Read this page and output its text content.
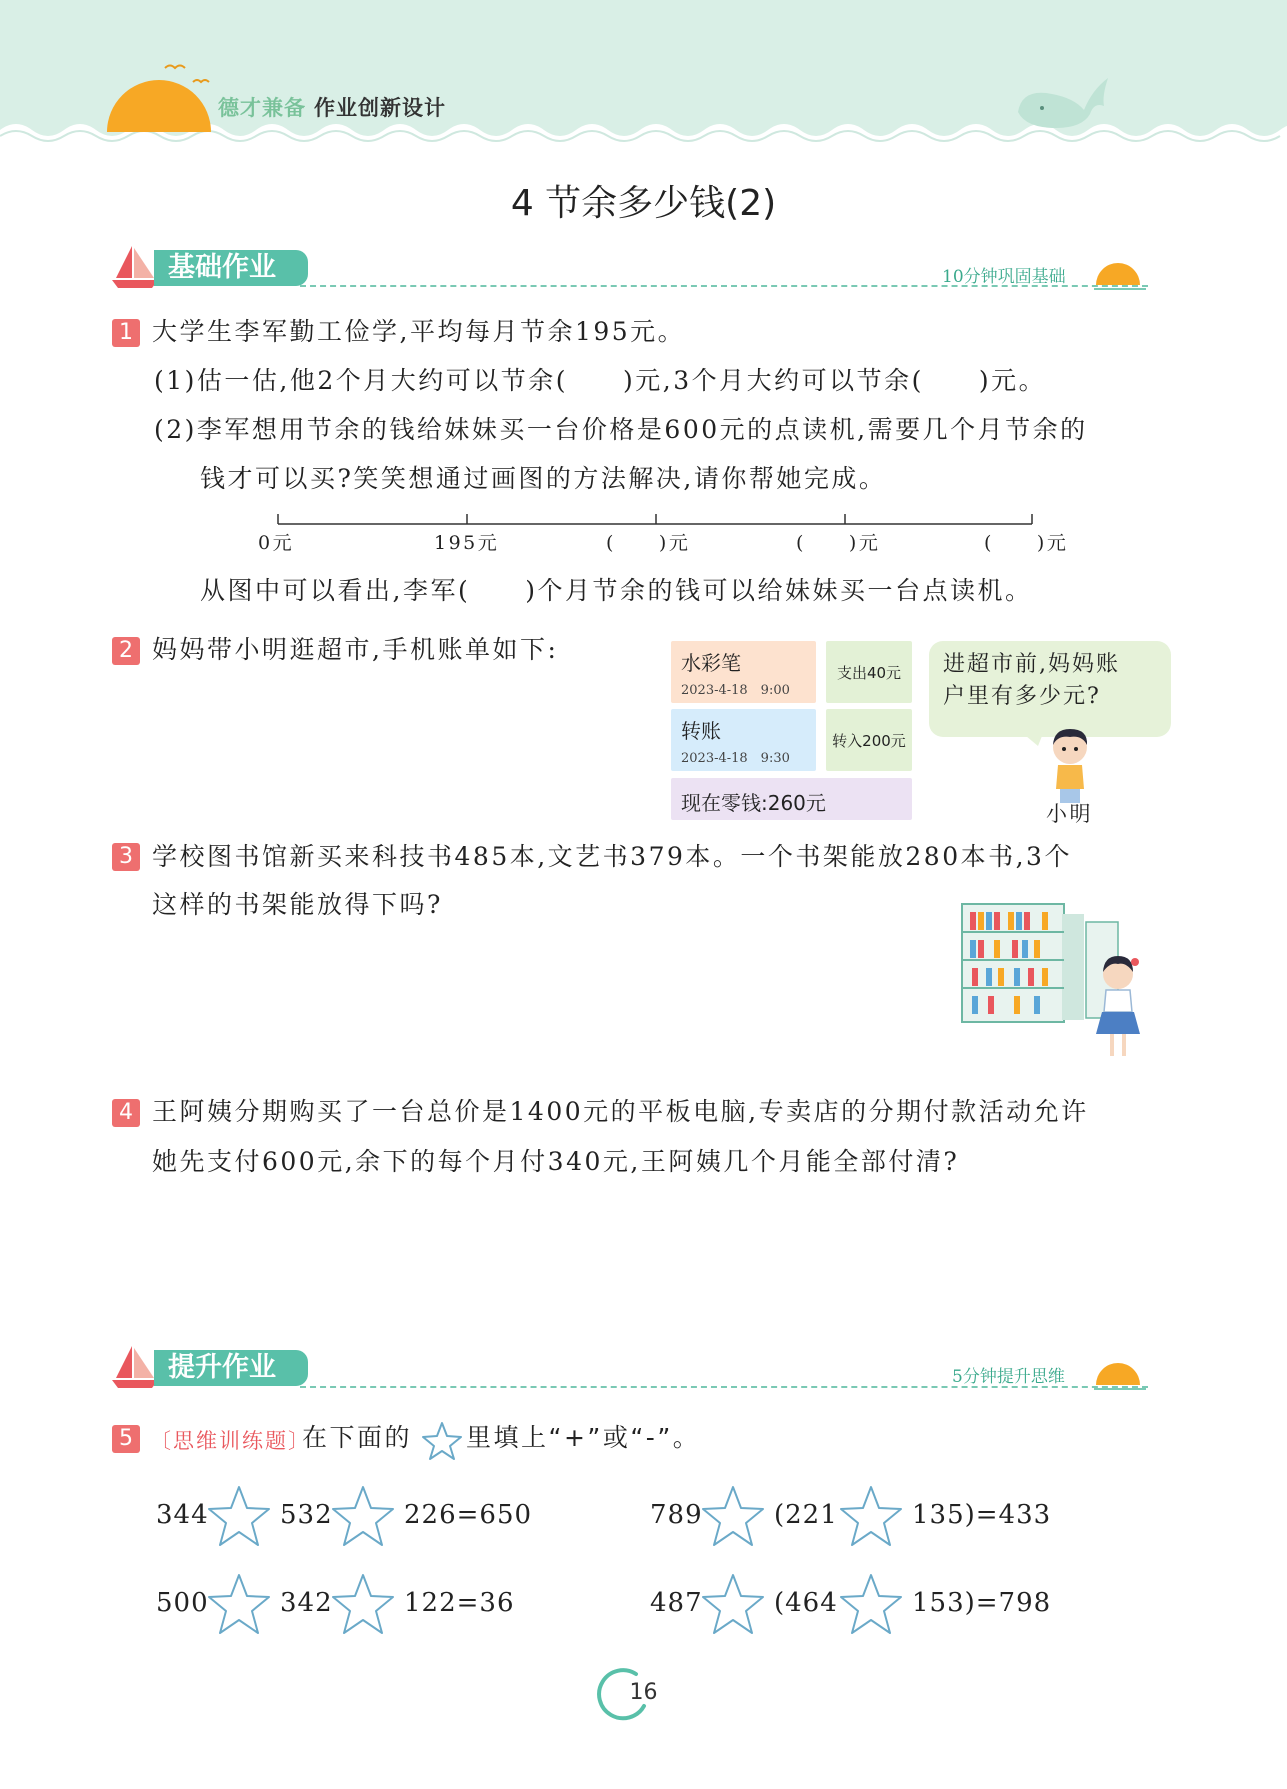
德才兼备 作业创新设计
4 节余多少钱(2)
基础作业	10分钟巩固基础
1 大学生李军勤工俭学,平均每月节余195元。
(1)估一估,他2个月大约可以节余(　　)元,3个月大约可以节余(　　)元。
(2)李军想用节余的钱给妹妹买一台价格是600元的点读机,需要几个月节余的
钱才可以买?笑笑想通过画图的方法解决,请你帮她完成。
0元	195元	(　　)元	(　　)元	(　　)元
从图中可以看出,李军(　　)个月节余的钱可以给妹妹买一台点读机。
2 妈妈带小明逛超市,手机账单如下:	水彩笔
2023-4-18　9:00
支出40元
转账
2023-4-18　9:30
转入200元
现在零钱:260元
进超市前,妈妈账
户里有多少元?
小明
3 学校图书馆新买来科技书485本,文艺书379本。一个书架能放280本书,3个
这样的书架能放得下吗?
4 王阿姨分期购买了一台总价是1400元的平板电脑,专卖店的分期付款活动允许
她先支付600元,余下的每个月付340元,王阿姨几个月能全部付清?
提升作业	5分钟提升思维
5 〔思维训练题〕
在下面的 里填上“+”或“-”。
344	532	226=650	789	(221	135)=433
500	342	122=36	487	(464	153)=798
16
